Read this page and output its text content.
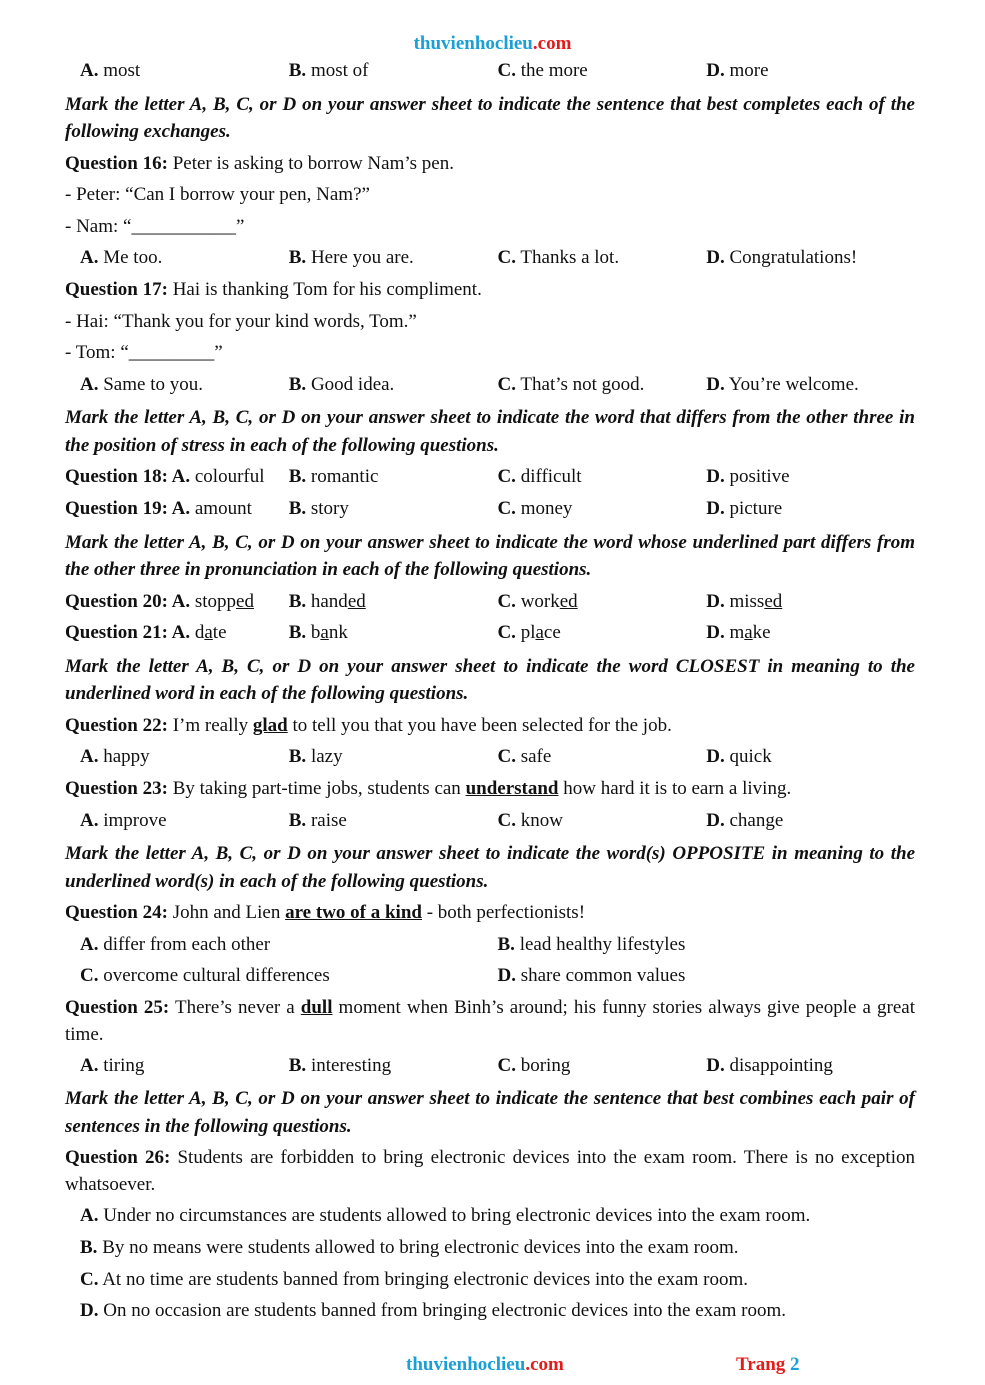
thuvienhoclieu.com
A. most	B. most of	C. the more	D. more
Mark the letter A, B, C, or D on your answer sheet to indicate the sentence that best completes each of the following exchanges.
Question 16: Peter is asking to borrow Nam’s pen.
- Peter: “Can I borrow your pen, Nam?”
- Nam: “___________”
A. Me too.	B. Here you are.	C. Thanks a lot.	D. Congratulations!
Question 17: Hai is thanking Tom for his compliment.
- Hai: “Thank you for your kind words, Tom.”
- Tom: “_________”
A. Same to you.	B. Good idea.	C. That’s not good.	D. You’re welcome.
Mark the letter A, B, C, or D on your answer sheet to indicate the word that differs from the other three in the position of stress in each of the following questions.
Question 18: A. colourful	B. romantic	C. difficult	D. positive
Question 19: A. amount	B. story	C. money	D. picture
Mark the letter A, B, C, or D on your answer sheet to indicate the word whose underlined part differs from the other three in pronunciation in each of the following questions.
Question 20: A. stopped	B. handed	C. worked	D. missed
Question 21: A. date	B. bank	C. place	D. make
Mark the letter A, B, C, or D on your answer sheet to indicate the word CLOSEST in meaning to the underlined word in each of the following questions.
Question 22: I’m really glad to tell you that you have been selected for the job.
A. happy	B. lazy	C. safe	D. quick
Question 23: By taking part-time jobs, students can understand how hard it is to earn a living.
A. improve	B. raise	C. know	D. change
Mark the letter A, B, C, or D on your answer sheet to indicate the word(s) OPPOSITE in meaning to the underlined word(s) in each of the following questions.
Question 24: John and Lien are two of a kind - both perfectionists!
A. differ from each other	B. lead healthy lifestyles
C. overcome cultural differences	D. share common values
Question 25: There’s never a dull moment when Binh’s around; his funny stories always give people a great time.
A. tiring	B. interesting	C. boring	D. disappointing
Mark the letter A, B, C, or D on your answer sheet to indicate the sentence that best combines each pair of sentences in the following questions.
Question 26: Students are forbidden to bring electronic devices into the exam room. There is no exception whatsoever.
A. Under no circumstances are students allowed to bring electronic devices into the exam room.
B. By no means were students allowed to bring electronic devices into the exam room.
C. At no time are students banned from bringing electronic devices into the exam room.
D. On no occasion are students banned from bringing electronic devices into the exam room.
thuvienhoclieu.com	Trang 2
